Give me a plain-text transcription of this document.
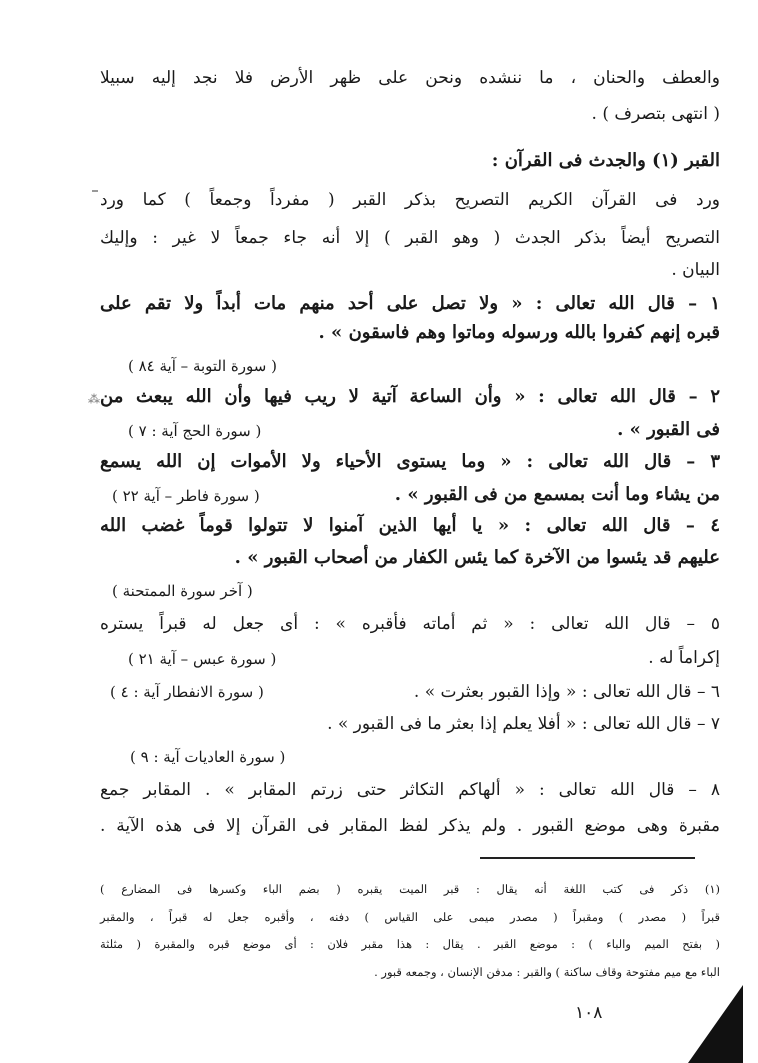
والعطف والحنان ، ما ننشده ونحن على ظهر الأرض فلا نجد إليه سبيلا
( انتهى بتصرف ) .
القبر (١) والجدث فى القرآن :
ورد فى القرآن الكريم التصريح بذكر القبر ( مفرداً وجمعاً ) كما ورد
التصريح أيضاً بذكر الجدث ( وهو القبر ) إلا أنه جاء جمعاً لا غير : وإليك
البيان .
١ – قال الله تعالى : « ولا تصل على أحد منهم مات أبداً ولا تقم على
قبره إنهم كفروا بالله ورسوله وماتوا وهم فاسقون » .
( سورة التوبة – آية ٨٤ )
٢ – قال الله تعالى : « وأن الساعة آتية لا ريب فيها وأن الله يبعث من
فى القبور » .
( سورة الحج آية : ٧ )
٣ – قال الله تعالى : « وما يستوى الأحياء ولا الأموات إن الله يسمع
من يشاء وما أنت بمسمع من فى القبور » .
( سورة فاطر – آية ٢٢ )
٤ – قال الله تعالى : « يا أيها الذين آمنوا لا تتولوا قوماً غضب الله
عليهم قد يئسوا من الآخرة كما يئس الكفار من أصحاب القبور » .
( آخر سورة الممتحنة )
٥ – قال الله تعالى : « ثم أماته فأقبره » : أى جعل له قبراً يستره
إكراماً له .
( سورة عبس – آية ٢١ )
٦ – قال الله تعالى : « وإذا القبور بعثرت » .
( سورة الانفطار آية : ٤ )
٧ – قال الله تعالى : « أفلا يعلم إذا بعثر ما فى القبور » .
( سورة العاديات آية : ٩ )
٨ – قال الله تعالى : « ألهاكم التكاثر حتى زرتم المقابر » . المقابر جمع
مقبرة وهى موضع القبور . ولم يذكر لفظ المقابر فى القرآن إلا فى هذه الآية .
(١) ذكر فى كتب اللغة أنه يقال : قبر الميت يقبره ( بضم الباء وكسرها فى المضارع )
قبراً ( مصدر ) ومقبراً ( مصدر ميمى على القياس ) دفنه ، وأقبره جعل له قبراً ، والمقبر
( بفتح الميم والباء ) : موضع القبر . يقال : هذا مقبر فلان : أى موضع قبره والمقبرة ( مثلثة
الباء مع ميم مفتوحة وقاف ساكنة ) والقبر : مدفن الإنسان ، وجمعه قبور .
١٠٨
⁂
